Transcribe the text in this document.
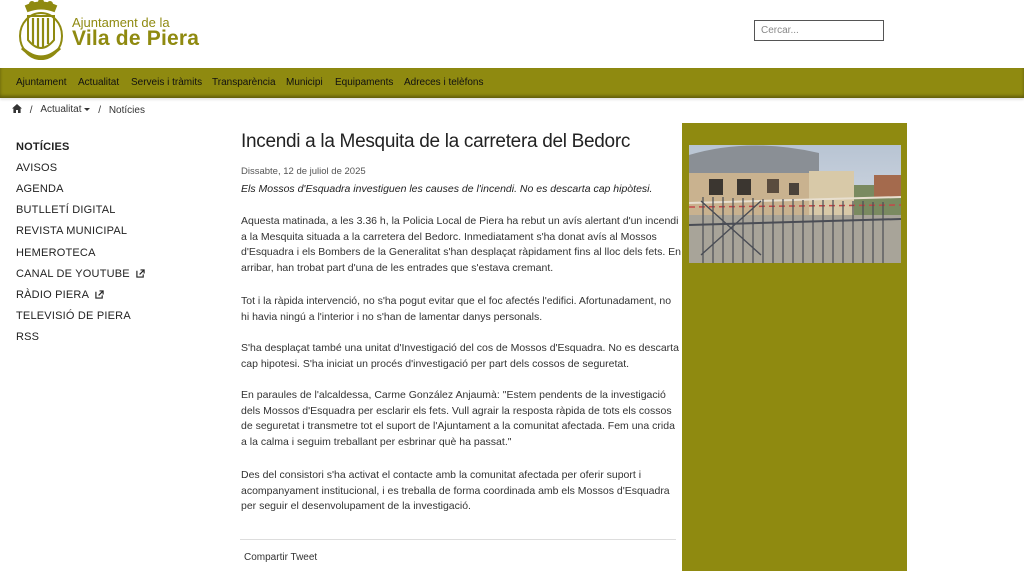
Ajuntament de la
Vila de Piera
Cercar...
Ajuntament Actualitat Serveis i tràmits Transparència Municipi Equipaments Adreces i telèfons
/ Actualitat / Notícies
NOTÍCIES
AVISOS
AGENDA
BUTLLETÍ DIGITAL
REVISTA MUNICIPAL
HEMEROTECA
CANAL DE YOUTUBE
RÀDIO PIERA
TELEVISIÓ DE PIERA
RSS
Incendi a la Mesquita de la carretera del Bedorc
Dissabte, 12 de juliol de 2025
Els Mossos d'Esquadra investiguen les causes de l'incendi. No es descarta cap hipòtesi.

Aquesta matinada, a les 3.36 h, la Policia Local de Piera ha rebut un avís alertant d'un incendi a la Mesquita situada a la carretera del Bedorc. Inmediatament s'ha donat avís al Mossos d'Esquadra i els Bombers de la Generalitat s'han desplaçat ràpidament fins al lloc dels fets. En arribar, han trobat part d'una de les entrades que s'estava cremant.

Tot i la ràpida intervenció, no s'ha pogut evitar que el foc afectés l'edifici. Afortunadament, no hi havia ningú a l'interior i no s'han de lamentar danys personals.

S'ha desplaçat també una unitat d'Investigació del cos de Mossos d'Esquadra. No es descarta cap hipotesi. S'ha iniciat un procés d'investigació per part dels cossos de seguretat.

En paraules de l'alcaldessa, Carme González Anjaumà: "Estem pendents de la investigació dels Mossos d'Esquadra per esclarir els fets. Vull agrair la resposta ràpida de tots els cossos de seguretat i transmetre tot el suport de l'Ajuntament a la comunitat afectada. Fem una crida a la calma i seguim treballant per esbrinar què ha passat."

Des del consistori s'ha activat el contacte amb la comunitat afectada per oferir suport i acompanyament institucional, i es treballa de forma coordinada amb els Mossos d'Esquadra per seguir el desenvolupament de la investigació.

Compartir Tweet
